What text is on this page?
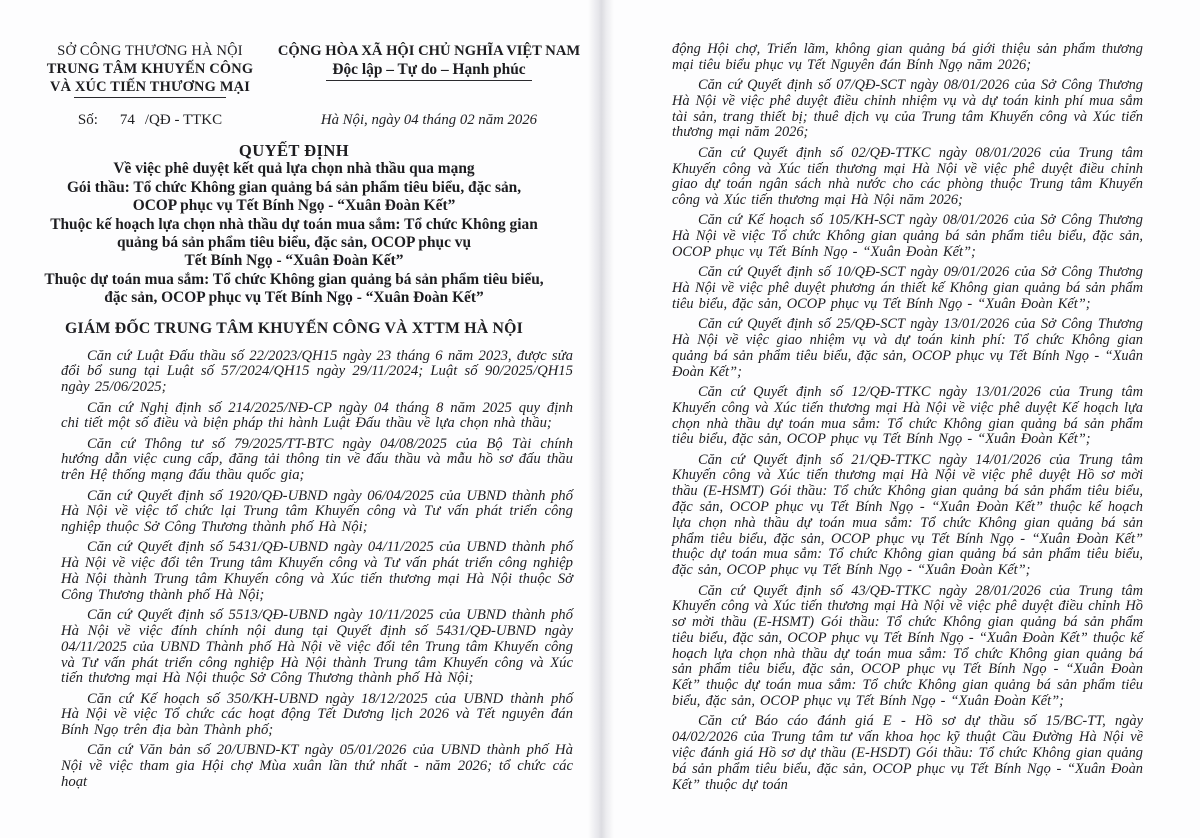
SỞ CÔNG THƯƠNG HÀ NỘI
TRUNG TÂM KHUYẾN CÔNG
VÀ XÚC TIẾN THƯƠNG MẠI
CỘNG HÒA XÃ HỘI CHỦ NGHĨA VIỆT NAM
Độc lập – Tự do – Hạnh phúc
Số: 74 /QĐ - TTKC	Hà Nội, ngày 04 tháng 02 năm 2026
QUYẾT ĐỊNH
Về việc phê duyệt kết quả lựa chọn nhà thầu qua mạng
Gói thầu: Tổ chức Không gian quảng bá sản phẩm tiêu biểu, đặc sản,
OCOP phục vụ Tết Bính Ngọ - “Xuân Đoàn Kết”
Thuộc kế hoạch lựa chọn nhà thầu dự toán mua sắm: Tổ chức Không gian
quảng bá sản phẩm tiêu biểu, đặc sản, OCOP phục vụ
Tết Bính Ngọ - “Xuân Đoàn Kết”
Thuộc dự toán mua sắm: Tổ chức Không gian quảng bá sản phẩm tiêu biểu,
đặc sản, OCOP phục vụ Tết Bính Ngọ - “Xuân Đoàn Kết”
GIÁM ĐỐC TRUNG TÂM KHUYẾN CÔNG VÀ XTTM HÀ NỘI

Căn cứ Luật Đấu thầu số 22/2023/QH15 ngày 23 tháng 6 năm 2023, được sửa đổi bổ sung tại Luật số 57/2024/QH15 ngày 29/11/2024; Luật số 90/2025/QH15 ngày 25/06/2025;

Căn cứ Nghị định số 214/2025/NĐ-CP ngày 04 tháng 8 năm 2025 quy định chi tiết một số điều và biện pháp thi hành Luật Đấu thầu về lựa chọn nhà thầu;

Căn cứ Thông tư số 79/2025/TT-BTC ngày 04/08/2025 của Bộ Tài chính hướng dẫn việc cung cấp, đăng tải thông tin về đấu thầu và mẫu hồ sơ đấu thầu trên Hệ thống mạng đấu thầu quốc gia;

Căn cứ Quyết định số 1920/QĐ-UBND ngày 06/04/2025 của UBND thành phố Hà Nội về việc tổ chức lại Trung tâm Khuyến công và Tư vấn phát triển công nghiệp thuộc Sở Công Thương thành phố Hà Nội;

Căn cứ Quyết định số 5431/QĐ-UBND ngày 04/11/2025 của UBND thành phố Hà Nội về việc đổi tên Trung tâm Khuyến công và Tư vấn phát triển công nghiệp Hà Nội thành Trung tâm Khuyến công và Xúc tiến thương mại Hà Nội thuộc Sở Công Thương thành phố Hà Nội;

Căn cứ Quyết định số 5513/QĐ-UBND ngày 10/11/2025 của UBND thành phố Hà Nội về việc đính chính nội dung tại Quyết định số 5431/QĐ-UBND ngày 04/11/2025 của UBND Thành phố Hà Nội về việc đổi tên Trung tâm Khuyến công và Tư vấn phát triển công nghiệp Hà Nội thành Trung tâm Khuyến công và Xúc tiến thương mại Hà Nội thuộc Sở Công Thương thành phố Hà Nội;

Căn cứ Kế hoạch số 350/KH-UBND ngày 18/12/2025 của UBND thành phố Hà Nội về việc Tổ chức các hoạt động Tết Dương lịch 2026 và Tết nguyên đán Bính Ngọ trên địa bàn Thành phố;

Căn cứ Văn bản số 20/UBND-KT ngày 05/01/2026 của UBND thành phố Hà Nội về việc tham gia Hội chợ Mùa xuân lần thứ nhất - năm 2026; tổ chức các hoạt

động Hội chợ, Triển lãm, không gian quảng bá giới thiệu sản phẩm thương mại tiêu biểu phục vụ Tết Nguyên đán Bính Ngọ năm 2026;

Căn cứ Quyết định số 07/QĐ-SCT ngày 08/01/2026 của Sở Công Thương Hà Nội về việc phê duyệt điều chỉnh nhiệm vụ và dự toán kinh phí mua sắm tài sản, trang thiết bị; thuê dịch vụ của Trung tâm Khuyến công và Xúc tiến thương mại năm 2026;

Căn cứ Quyết định số 02/QĐ-TTKC ngày 08/01/2026 của Trung tâm Khuyến công và Xúc tiến thương mại Hà Nội về việc phê duyệt điều chỉnh giao dự toán ngân sách nhà nước cho các phòng thuộc Trung tâm Khuyến công và Xúc tiến thương mại Hà Nội năm 2026;

Căn cứ Kế hoạch số 105/KH-SCT ngày 08/01/2026 của Sở Công Thương Hà Nội về việc Tổ chức Không gian quảng bá sản phẩm tiêu biểu, đặc sản, OCOP phục vụ Tết Bính Ngọ - “Xuân Đoàn Kết”;

Căn cứ Quyết định số 10/QĐ-SCT ngày 09/01/2026 của Sở Công Thương Hà Nội về việc phê duyệt phương án thiết kế Không gian quảng bá sản phẩm tiêu biểu, đặc sản, OCOP phục vụ Tết Bính Ngọ - “Xuân Đoàn Kết”;

Căn cứ Quyết định số 25/QĐ-SCT ngày 13/01/2026 của Sở Công Thương Hà Nội về việc giao nhiệm vụ và dự toán kinh phí: Tổ chức Không gian quảng bá sản phẩm tiêu biểu, đặc sản, OCOP phục vụ Tết Bính Ngọ - “Xuân Đoàn Kết”;

Căn cứ Quyết định số 12/QĐ-TTKC ngày 13/01/2026 của Trung tâm Khuyến công và Xúc tiến thương mại Hà Nội về việc phê duyệt Kế hoạch lựa chọn nhà thầu dự toán mua sắm: Tổ chức Không gian quảng bá sản phẩm tiêu biểu, đặc sản, OCOP phục vụ Tết Bính Ngọ - “Xuân Đoàn Kết”;

Căn cứ Quyết định số 21/QĐ-TTKC ngày 14/01/2026 của Trung tâm Khuyến công và Xúc tiến thương mại Hà Nội về việc phê duyệt Hồ sơ mời thầu (E-HSMT) Gói thầu: Tổ chức Không gian quảng bá sản phẩm tiêu biểu, đặc sản, OCOP phục vụ Tết Bính Ngọ - “Xuân Đoàn Kết” thuộc kế hoạch lựa chọn nhà thầu dự toán mua sắm: Tổ chức Không gian quảng bá sản phẩm tiêu biểu, đặc sản, OCOP phục vụ Tết Bính Ngọ - “Xuân Đoàn Kết” thuộc dự toán mua sắm: Tổ chức Không gian quảng bá sản phẩm tiêu biểu, đặc sản, OCOP phục vụ Tết Bính Ngọ - “Xuân Đoàn Kết”;

Căn cứ Quyết định số 43/QĐ-TTKC ngày 28/01/2026 của Trung tâm Khuyến công và Xúc tiến thương mại Hà Nội về việc phê duyệt điều chỉnh Hồ sơ mời thầu (E-HSMT) Gói thầu: Tổ chức Không gian quảng bá sản phẩm tiêu biểu, đặc sản, OCOP phục vụ Tết Bính Ngọ - “Xuân Đoàn Kết” thuộc kế hoạch lựa chọn nhà thầu dự toán mua sắm: Tổ chức Không gian quảng bá sản phẩm tiêu biểu, đặc sản, OCOP phục vụ Tết Bính Ngọ - “Xuân Đoàn Kết” thuộc dự toán mua sắm: Tổ chức Không gian quảng bá sản phẩm tiêu biểu, đặc sản, OCOP phục vụ Tết Bính Ngọ - “Xuân Đoàn Kết”;

Căn cứ Báo cáo đánh giá E - Hồ sơ dự thầu số 15/BC-TT, ngày 04/02/2026 của Trung tâm tư vấn khoa học kỹ thuật Cầu Đường Hà Nội về việc đánh giá Hồ sơ dự thầu (E-HSDT) Gói thầu: Tổ chức Không gian quảng bá sản phẩm tiêu biểu, đặc sản, OCOP phục vụ Tết Bính Ngọ - “Xuân Đoàn Kết” thuộc dự toán
